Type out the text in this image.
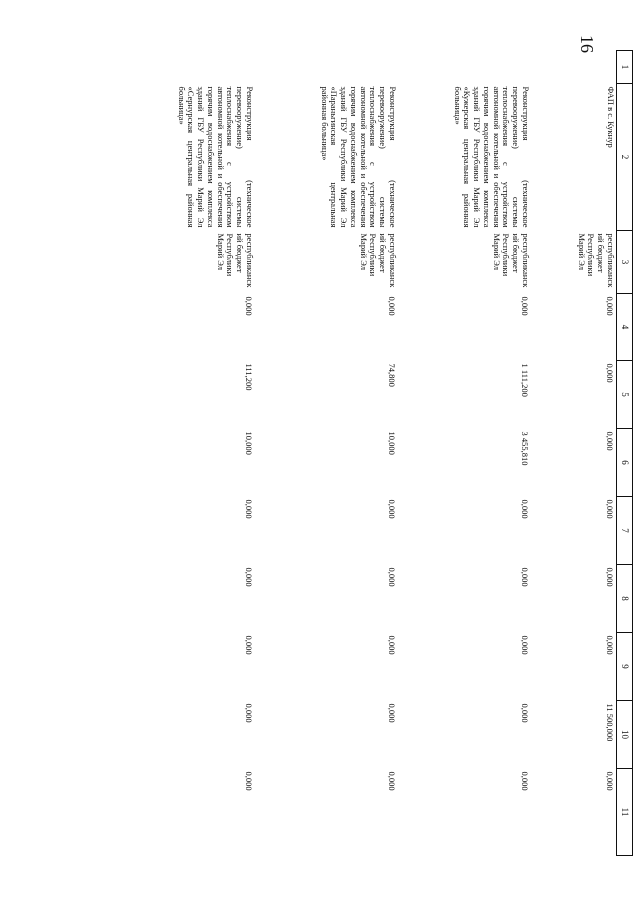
16
1	2	3	4	5	6	7	8	9	10	11
	ФАП в с. Кукнур	республиканский бюджет Республики Марий Эл	0,000	0,000	0,000	0,000	0,000	0,000	11 500,000	0,000
	Реконструкция (техническое перевооружение) системы теплоснабжения с устройством автономной котельной и обеспечения горячим водоснабжением комплекса зданий ГБУ Республики Марий Эл «Кужерская центральная районная больница»	республиканский бюджет Республики Марий Эл	0,000	1 111,200	3 455,810	0,000	0,000	0,000	0,000	0,000
	Реконструкция (техническое перевооружение) системы теплоснабжения с устройством автономной котельной и обеспечения горячим водоснабжением комплекса зданий ГБУ Республики Марий Эл «Параньгинская центральная районная больница»	республиканский бюджет Республики Марий Эл	0,000	74,800	10,000	0,000	0,000	0,000	0,000	0,000
	Реконструкция (техническое перевооружение) системы теплоснабжения с устройством автономной котельной и обеспечения горячим водоснабжением комплекса зданий ГБУ Республики Марий Эл «Сернурская центральная районная больница»	республиканский бюджет Республики Марий Эл	0,000	111,200	10,000	0,000	0,000	0,000	0,000	0,000
